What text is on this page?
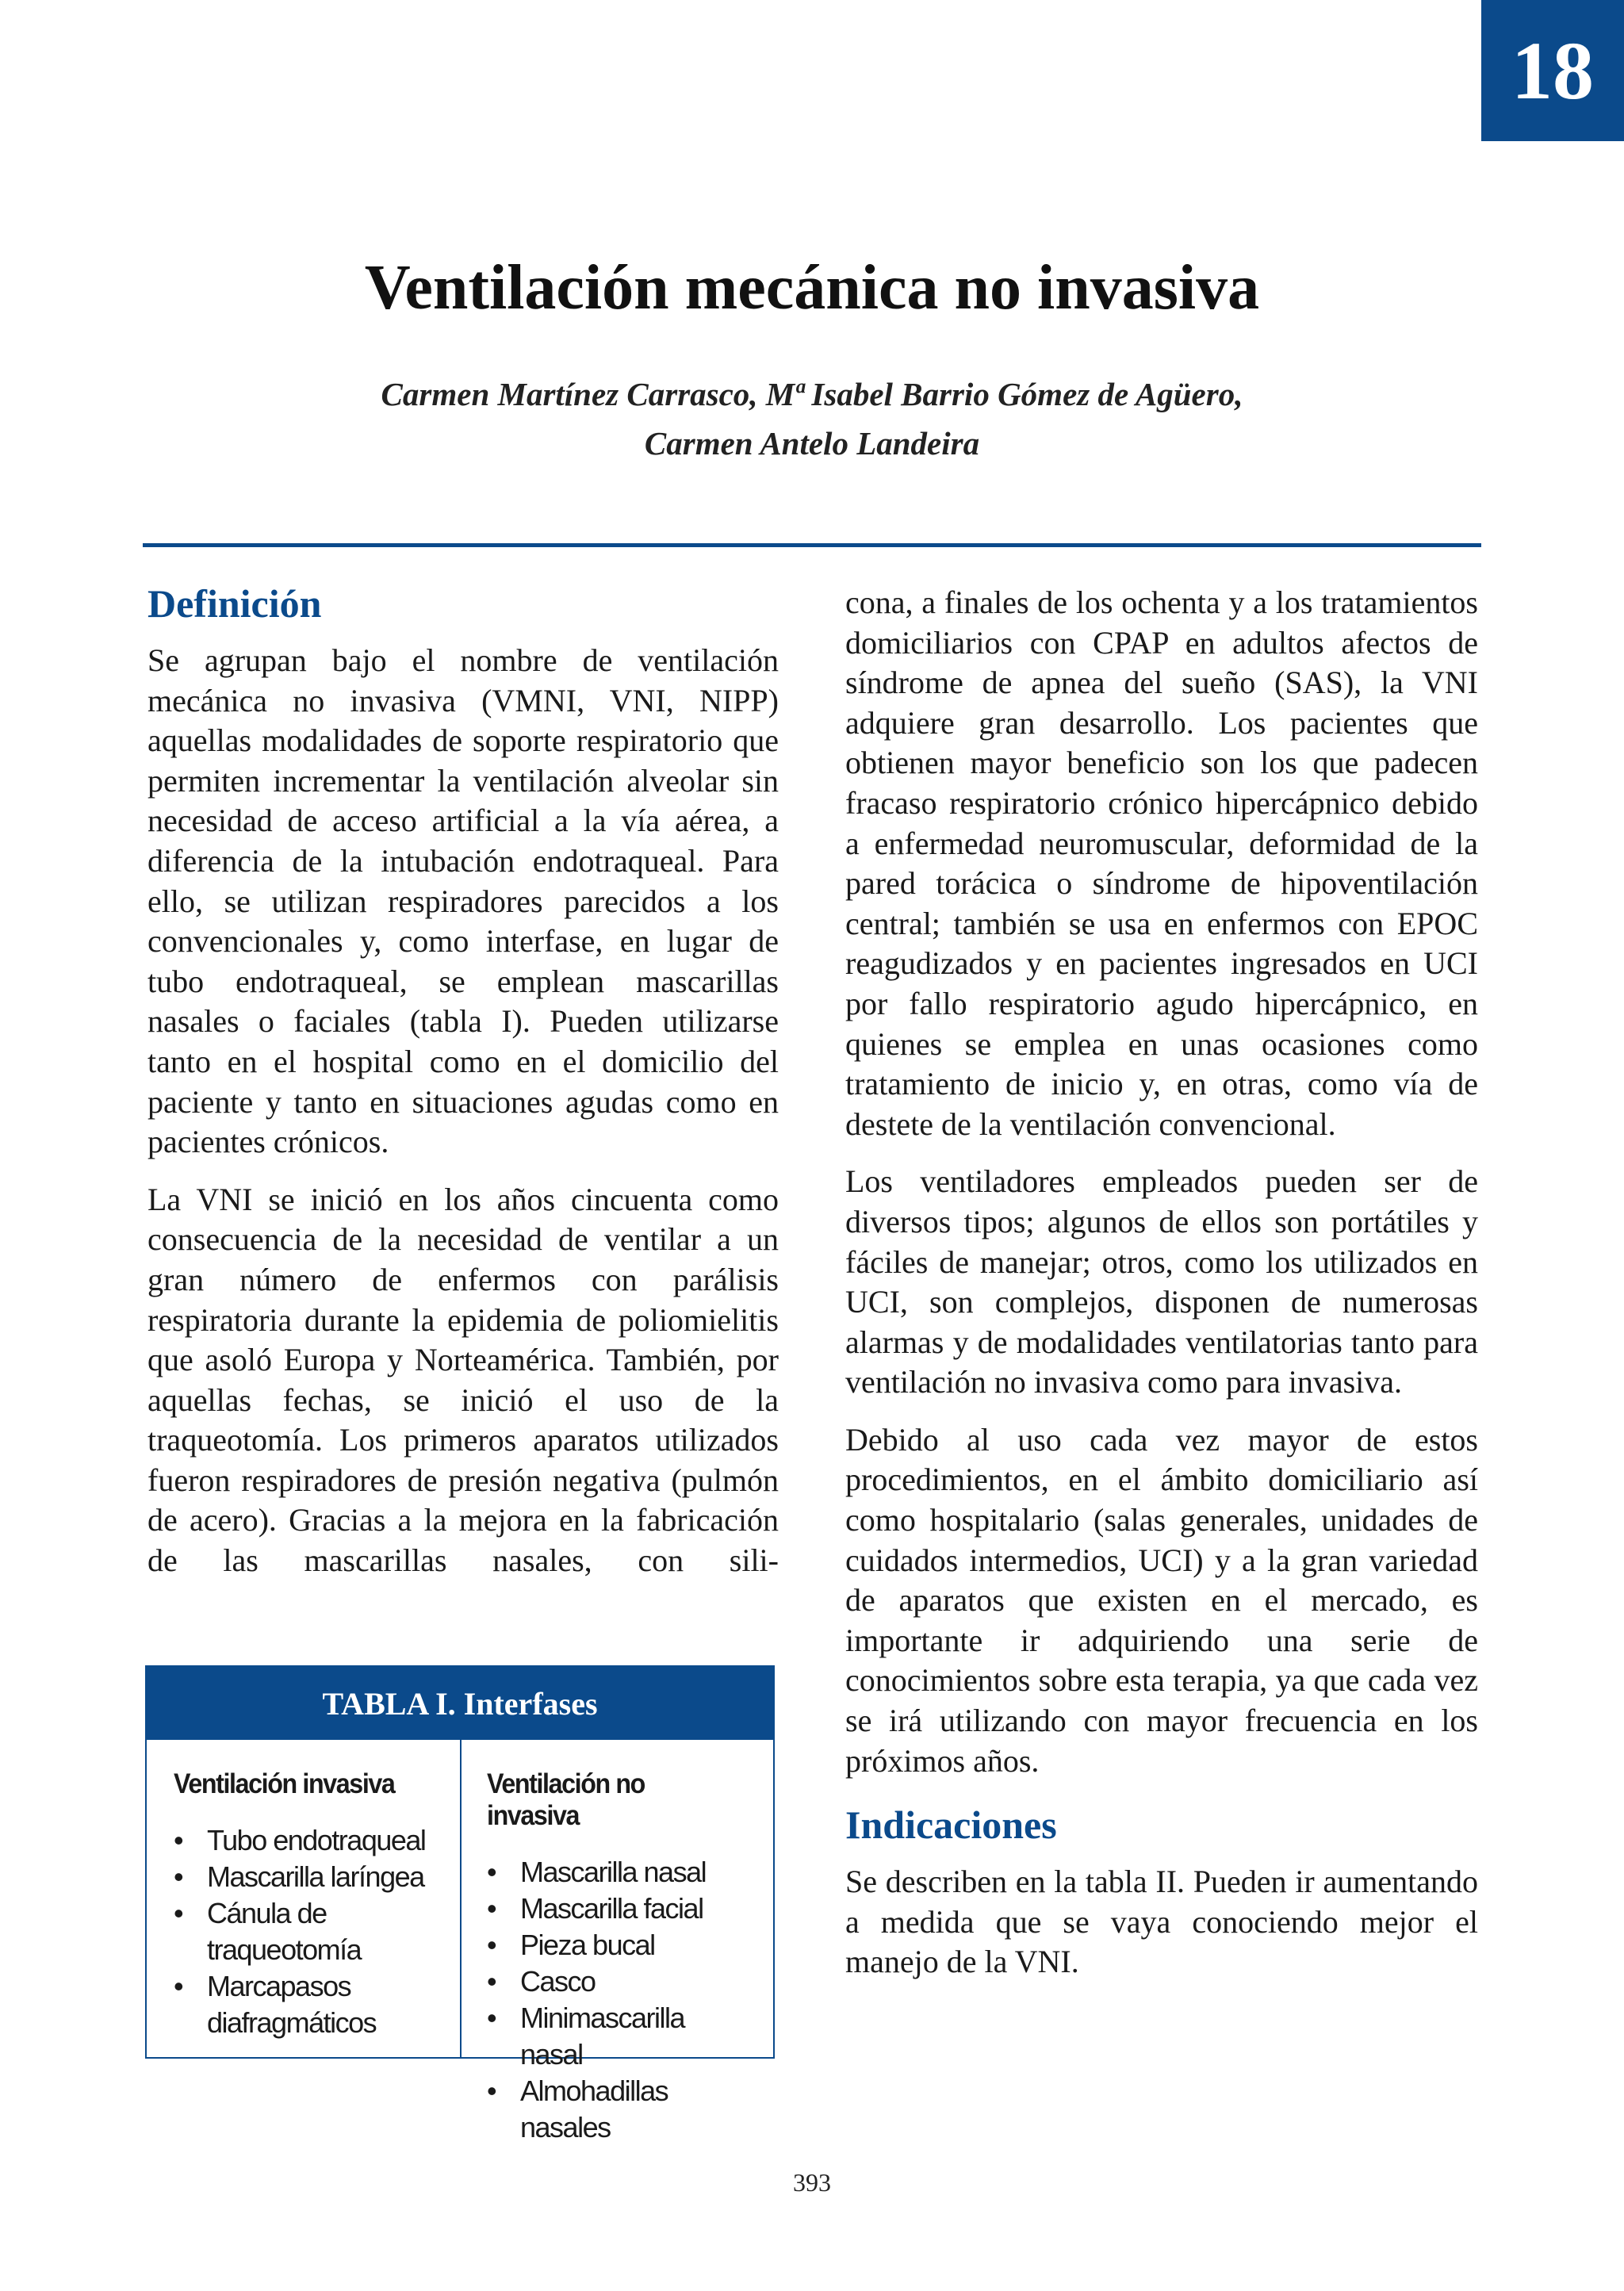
18
Ventilación mecánica no invasiva
Carmen Martínez Carrasco, Mª Isabel Barrio Gómez de Agüero,
Carmen Antelo Landeira
Definición

Se agrupan bajo el nombre de ventilación mecánica no invasiva (VMNI, VNI, NIPP) aquellas modalidades de soporte respiratorio que permiten incrementar la ventilación alveolar sin necesidad de acceso artificial a la vía aérea, a diferencia de la intubación endotraqueal. Para ello, se utilizan respiradores parecidos a los convencionales y, como interfase, en lugar de tubo endotraqueal, se emplean mascarillas nasales o faciales (tabla I). Pueden utilizarse tanto en el hospital como en el domicilio del paciente y tanto en situaciones agudas como en pacientes crónicos.

La VNI se inició en los años cincuenta como consecuencia de la necesidad de ventilar a un gran número de enfermos con parálisis respiratoria durante la epidemia de poliomielitis que asoló Europa y Norteamérica. También, por aquellas fechas, se inició el uso de la traqueotomía. Los primeros aparatos utilizados fueron respiradores de presión negativa (pulmón de acero). Gracias a la mejora en la fabricación de las mascarillas nasales, con sili-

cona, a finales de los ochenta y a los tratamientos domiciliarios con CPAP en adultos afectos de síndrome de apnea del sueño (SAS), la VNI adquiere gran desarrollo. Los pacientes que obtienen mayor beneficio son los que padecen fracaso respiratorio crónico hipercápnico debido a enfermedad neuromuscular, deformidad de la pared torácica o síndrome de hipoventilación central; también se usa en enfermos con EPOC reagudizados y en pacientes ingresados en UCI por fallo respiratorio agudo hipercápnico, en quienes se emplea en unas ocasiones como tratamiento de inicio y, en otras, como vía de destete de la ventilación convencional.

Los ventiladores empleados pueden ser de diversos tipos; algunos de ellos son portátiles y fáciles de manejar; otros, como los utilizados en UCI, son complejos, disponen de numerosas alarmas y de modalidades ventilatorias tanto para ventilación no invasiva como para invasiva.

Debido al uso cada vez mayor de estos procedimientos, en el ámbito domiciliario así como hospitalario (salas generales, unidades de cuidados intermedios, UCI) y a la gran variedad de aparatos que existen en el mercado, es importante ir adquiriendo una serie de conocimientos sobre esta terapia, ya que cada vez se irá utilizando con mayor frecuencia en los próximos años.

Indicaciones

Se describen en la tabla II. Pueden ir aumentando a medida que se vaya conociendo mejor el manejo de la VNI.

TABLA I. Interfases
Ventilación invasiva
• Tubo endotraqueal
• Mascarilla laríngea
• Cánula de traqueotomía
• Marcapasos diafragmáticos
Ventilación no invasiva
• Mascarilla nasal
• Mascarilla facial
• Pieza bucal
• Casco
• Minimascarilla nasal
• Almohadillas nasales
393
